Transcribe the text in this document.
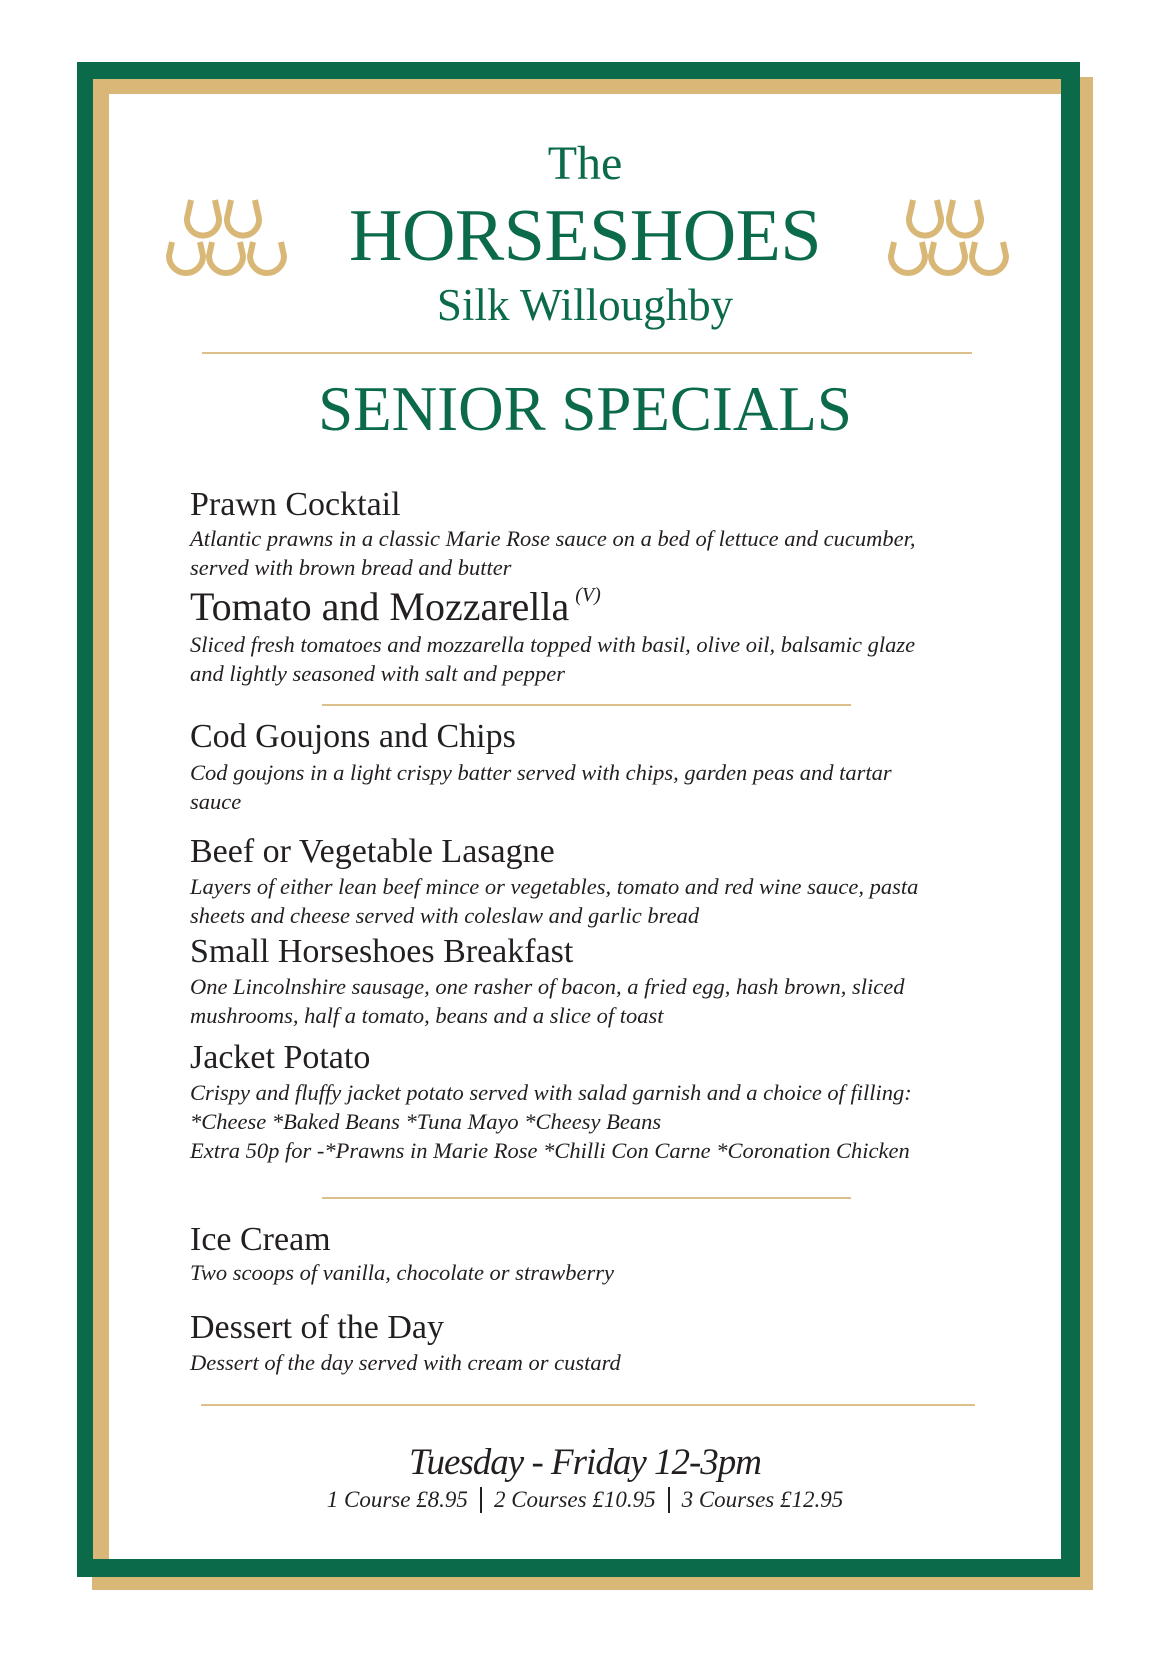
The
HORSESHOES
Silk Willoughby
SENIOR SPECIALS
Prawn Cocktail
Atlantic prawns in a classic Marie Rose sauce on a bed of lettuce and cucumber,
served with brown bread and butter
Tomato and Mozzarella $^{(V)}$
Sliced fresh tomatoes and mozzarella topped with basil, olive oil, balsamic glaze
and lightly seasoned with salt and pepper
Cod Goujons and Chips
Cod goujons in a light crispy batter served with chips, garden peas and tartar
sauce
Beef or Vegetable Lasagne
Layers of either lean beef mince or vegetables, tomato and red wine sauce, pasta
sheets and cheese served with coleslaw and garlic bread
Small Horseshoes Breakfast
One Lincolnshire sausage, one rasher of bacon, a fried egg, hash brown, sliced
mushrooms, half a tomato, beans and a slice of toast
Jacket Potato
Crispy and fluffy jacket potato served with salad garnish and a choice of filling:
*Cheese *Baked Beans *Tuna Mayo *Cheesy Beans
Extra 50p for -*Prawns in Marie Rose *Chilli Con Carne *Coronation Chicken
Ice Cream
Two scoops of vanilla, chocolate or strawberry
Dessert of the Day
Dessert of the day served with cream or custard
Tuesday - Friday 12-3pm
1 Course £8.95 2 Courses £10.95 3 Courses £12.95
